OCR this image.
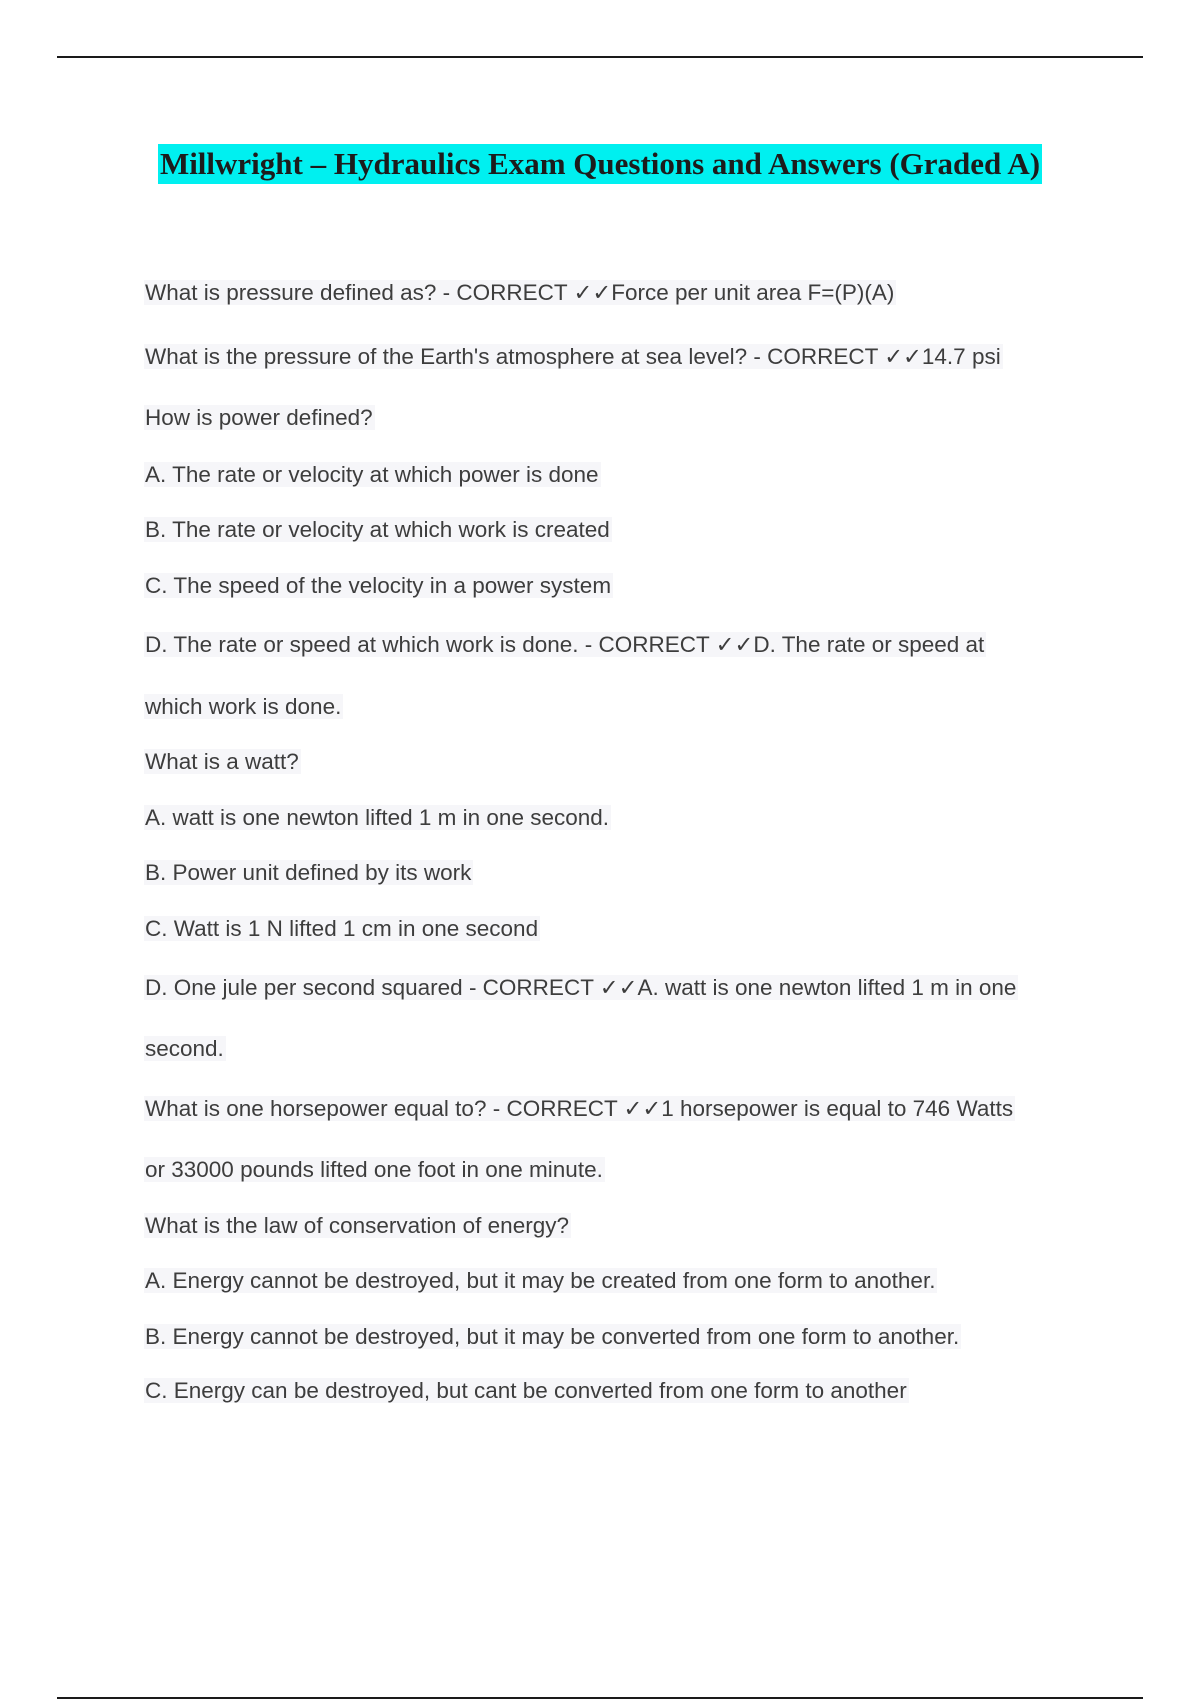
Millwright – Hydraulics Exam Questions and Answers (Graded A)
What is pressure defined as? - CORRECT ✓✓Force per unit area F=(P)(A)
What is the pressure of the Earth's atmosphere at sea level? - CORRECT ✓✓14.7 psi
How is power defined?
A. The rate or velocity at which power is done
B. The rate or velocity at which work is created
C. The speed of the velocity in a power system
D. The rate or speed at which work is done. - CORRECT ✓✓D. The rate or speed at
which work is done.
What is a watt?
A. watt is one newton lifted 1 m in one second.
B. Power unit defined by its work
C. Watt is 1 N lifted 1 cm in one second
D. One jule per second squared - CORRECT ✓✓A. watt is one newton lifted 1 m in one
second.
What is one horsepower equal to? - CORRECT ✓✓1 horsepower is equal to 746 Watts
or 33000 pounds lifted one foot in one minute.
What is the law of conservation of energy?
A. Energy cannot be destroyed, but it may be created from one form to another.
B. Energy cannot be destroyed, but it may be converted from one form to another.
C. Energy can be destroyed, but cant be converted from one form to another
